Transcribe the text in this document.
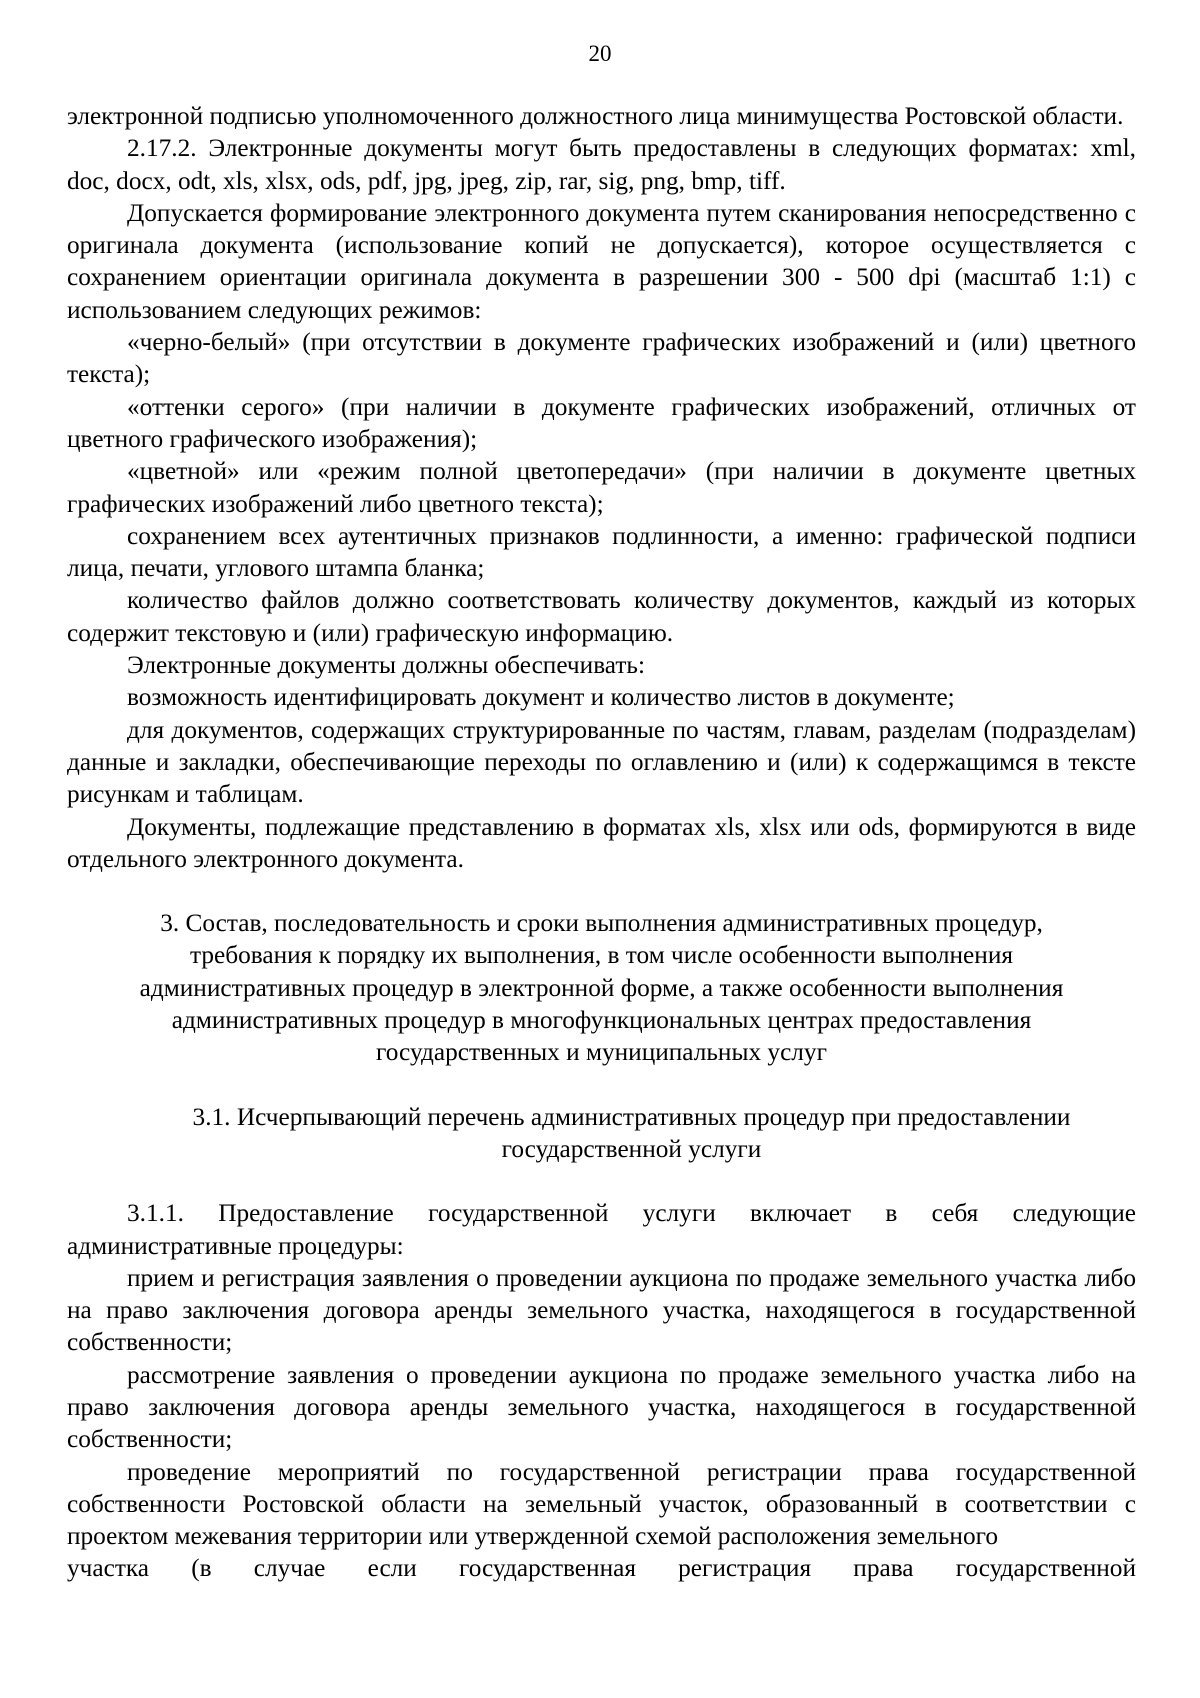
20

электронной подписью уполномоченного должностного лица минимущества Ростовской области.

2.17.2. Электронные документы могут быть предоставлены в следующих форматах: xml, doc, docx, odt, xls, xlsx, ods, pdf, jpg, jpeg, zip, rar, sig, png, bmp, tiff.

Допускается формирование электронного документа путем сканирования непосредственно с оригинала документа (использование копий не допускается), которое осуществляется с сохранением ориентации оригинала документа в разрешении 300 - 500 dpi (масштаб 1:1) с использованием следующих режимов:

«черно-белый» (при отсутствии в документе графических изображений и (или) цветного текста);

«оттенки серого» (при наличии в документе графических изображений, отличных от цветного графического изображения);

«цветной» или «режим полной цветопередачи» (при наличии в документе цветных графических изображений либо цветного текста);

сохранением всех аутентичных признаков подлинности, а именно: графической подписи лица, печати, углового штампа бланка;

количество файлов должно соответствовать количеству документов, каждый из которых содержит текстовую и (или) графическую информацию.

Электронные документы должны обеспечивать:

возможность идентифицировать документ и количество листов в документе;

для документов, содержащих структурированные по частям, главам, разделам (подразделам) данные и закладки, обеспечивающие переходы по оглавлению и (или) к содержащимся в тексте рисункам и таблицам.

Документы, подлежащие представлению в форматах xls, xlsx или ods, формируются в виде отдельного электронного документа.

3. Состав, последовательность и сроки выполнения административных процедур,
требования к порядку их выполнения, в том числе особенности выполнения
административных процедур в электронной форме, а также особенности выполнения
административных процедур в многофункциональных центрах предоставления
государственных и муниципальных услуг
3.1. Исчерпывающий перечень административных процедур при предоставлении
государственной услуги

3.1.1. Предоставление государственной услуги включает в себя следующие административные процедуры:

прием и регистрация заявления о проведении аукциона по продаже земельного участка либо на право заключения договора аренды земельного участка, находящегося в государственной собственности;

рассмотрение заявления о проведении аукциона по продаже земельного участка либо на право заключения договора аренды земельного участка, находящегося в государственной собственности;

проведение мероприятий по государственной регистрации права государственной собственности Ростовской области на земельный участок, образованный в соответствии с проектом межевания территории или утвержденной схемой расположения земельного

участка (в случае если государственная регистрация права государственной
